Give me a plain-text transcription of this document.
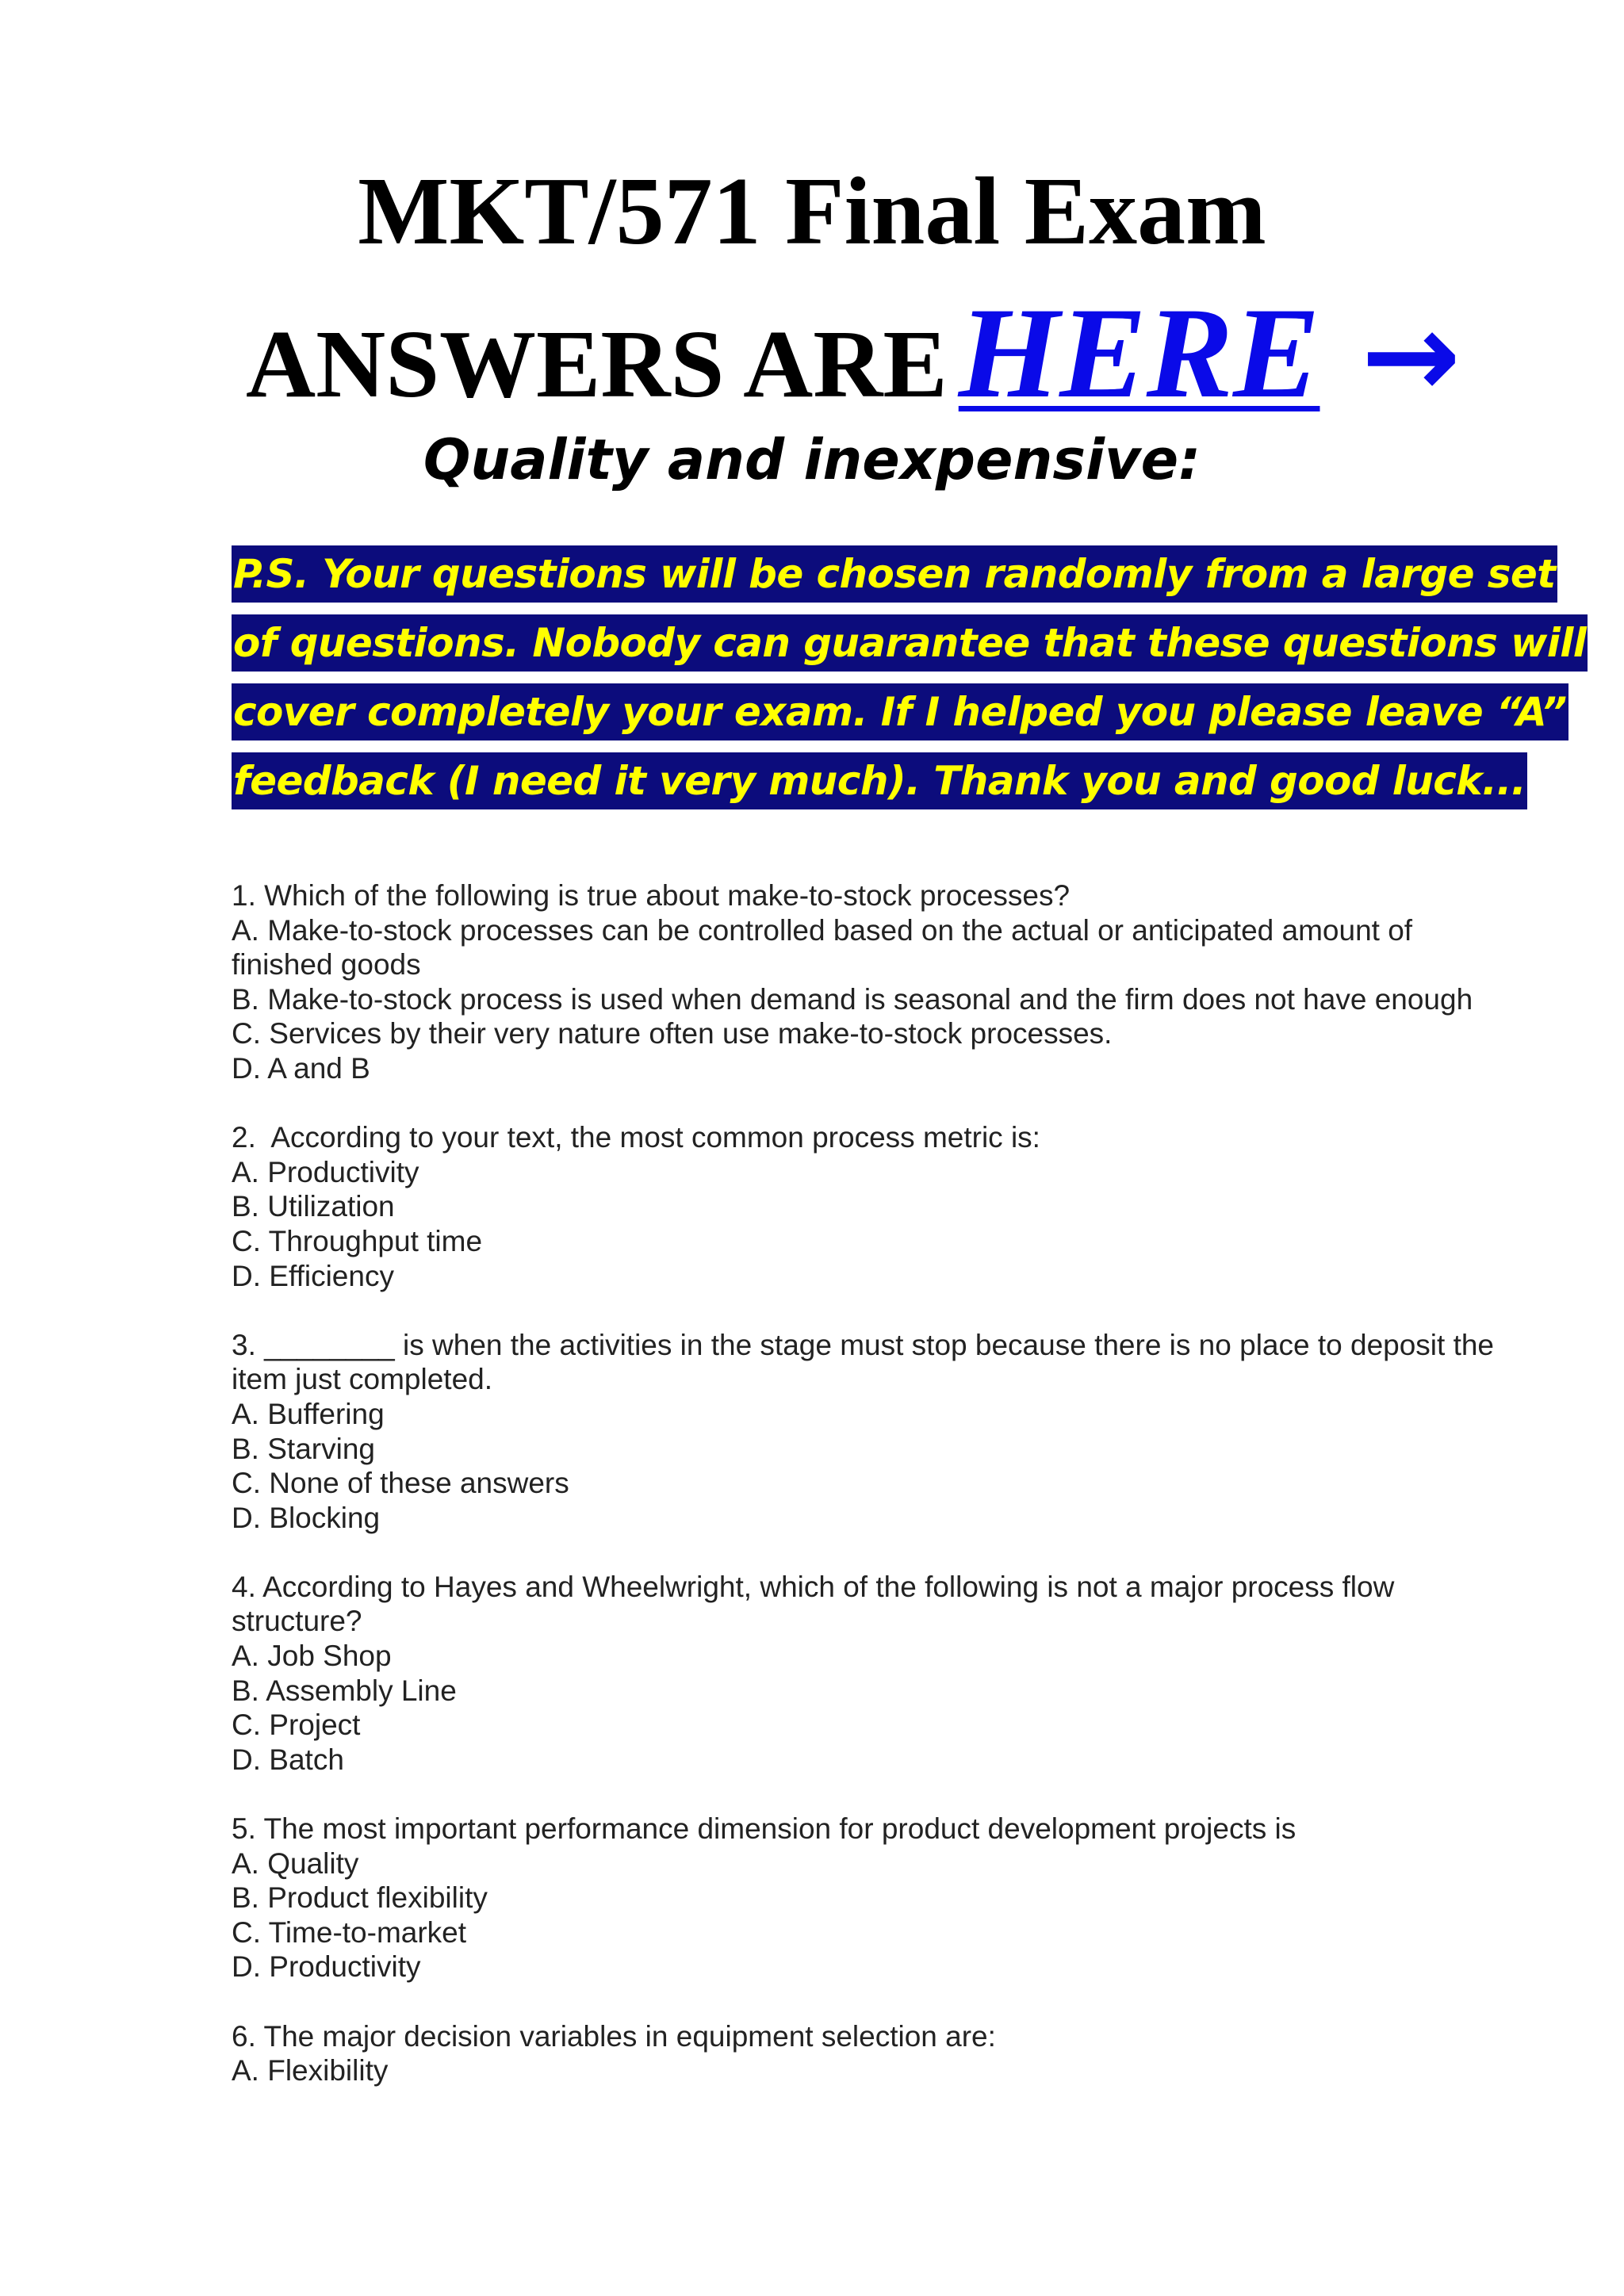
MKT/571 Final Exam
ANSWERS AREHERE →
Quality and inexpensive:
P.S. Your questions will be chosen randomly from a large set
of questions. Nobody can guarantee that these questions will
cover completely your exam. If I helped you please leave “A”
feedback (I need it very much). Thank you and good luck...
1. Which of the following is true about make-to-stock processes?
A. Make-to-stock processes can be controlled based on the actual or anticipated amount of finished goods
B. Make-to-stock process is used when demand is seasonal and the firm does not have enough
C. Services by their very nature often use make-to-stock processes.
D. A and B
2.  According to your text, the most common process metric is:
A. Productivity
B. Utilization
C. Throughput time
D. Efficiency
3. ________ is when the activities in the stage must stop because there is no place to deposit the item just completed.
A. Buffering
B. Starving
C. None of these answers
D. Blocking
4. According to Hayes and Wheelwright, which of the following is not a major process flow structure?
A. Job Shop
B. Assembly Line
C. Project
D. Batch
5. The most important performance dimension for product development projects is
A. Quality
B. Product flexibility
C. Time-to-market
D. Productivity
6. The major decision variables in equipment selection are:
A. Flexibility
